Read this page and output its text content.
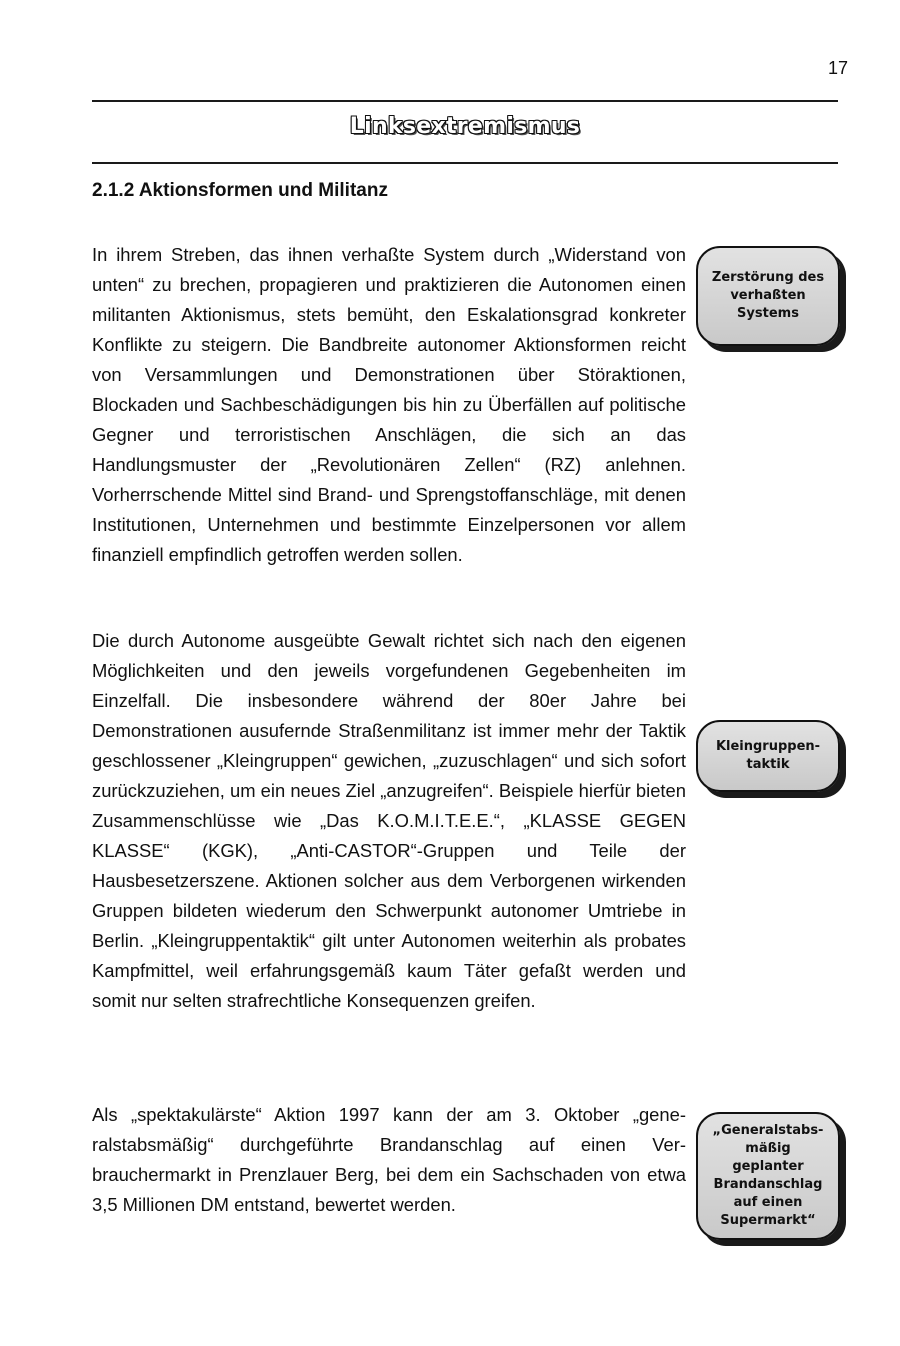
17
Linksextremismus
2.1.2 Aktionsformen und Militanz

In ihrem Streben, das ihnen verhaßte System durch „Widerstand von unten“ zu brechen, propagieren und praktizieren die Autonomen einen militanten Aktionismus, stets bemüht, den Eskalationsgrad konkreter Konflikte zu steigern. Die Bandbreite autonomer Aktionsformen reicht von Versammlungen und Demonstrationen über Störaktionen, Blockaden und Sachbeschädigungen bis hin zu Überfällen auf politische Gegner und terroristischen Anschlägen, die sich an das Handlungsmuster der „Revolutionären Zellen“ (RZ) anlehnen. Vorherrschende Mittel sind Brand- und Sprengstoffanschläge, mit denen Institutionen, Unternehmen und bestimmte Einzelpersonen vor allem finanziell empfindlich getroffen werden sollen.

Die durch Autonome ausgeübte Gewalt richtet sich nach den eigenen Möglichkeiten und den jeweils vorgefundenen Gegebenheiten im Einzelfall. Die insbesondere während der 80er Jahre bei Demonstrationen ausufernde Straßenmilitanz ist immer mehr der Taktik geschlossener „Kleingruppen“ gewichen, „zuzuschlagen“ und sich sofort zurückzuziehen, um ein neues Ziel „anzugreifen“. Beispiele hierfür bieten Zusammenschlüsse wie „Das K.O.M.I.T.E.E.“, „KLASSE GEGEN KLASSE“ (KGK), „Anti-CASTOR“-Gruppen und Teile der Hausbesetzerszene. Aktionen solcher aus dem Verborgenen wirkenden Gruppen bildeten wiederum den Schwerpunkt autonomer Umtriebe in Berlin. „Kleingruppentaktik“ gilt unter Autonomen weiterhin als probates Kampfmittel, weil erfahrungsgemäß kaum Täter gefaßt werden und somit nur selten strafrechtliche Konsequenzen greifen.

Als „spektakulärste“ Aktion 1997 kann der am 3. Oktober „generalstabsmäßig“ durchgeführte Brandanschlag auf einen Verbrauchermarkt in Prenzlauer Berg, bei dem ein Sachschaden von etwa 3,5 Millionen DM entstand, bewertet werden.

Zerstörung des
verhaßten
Systems
Kleingruppen-
taktik
„Generalstabs-
mäßig geplanter
Brandanschlag
auf einen
Supermarkt“
